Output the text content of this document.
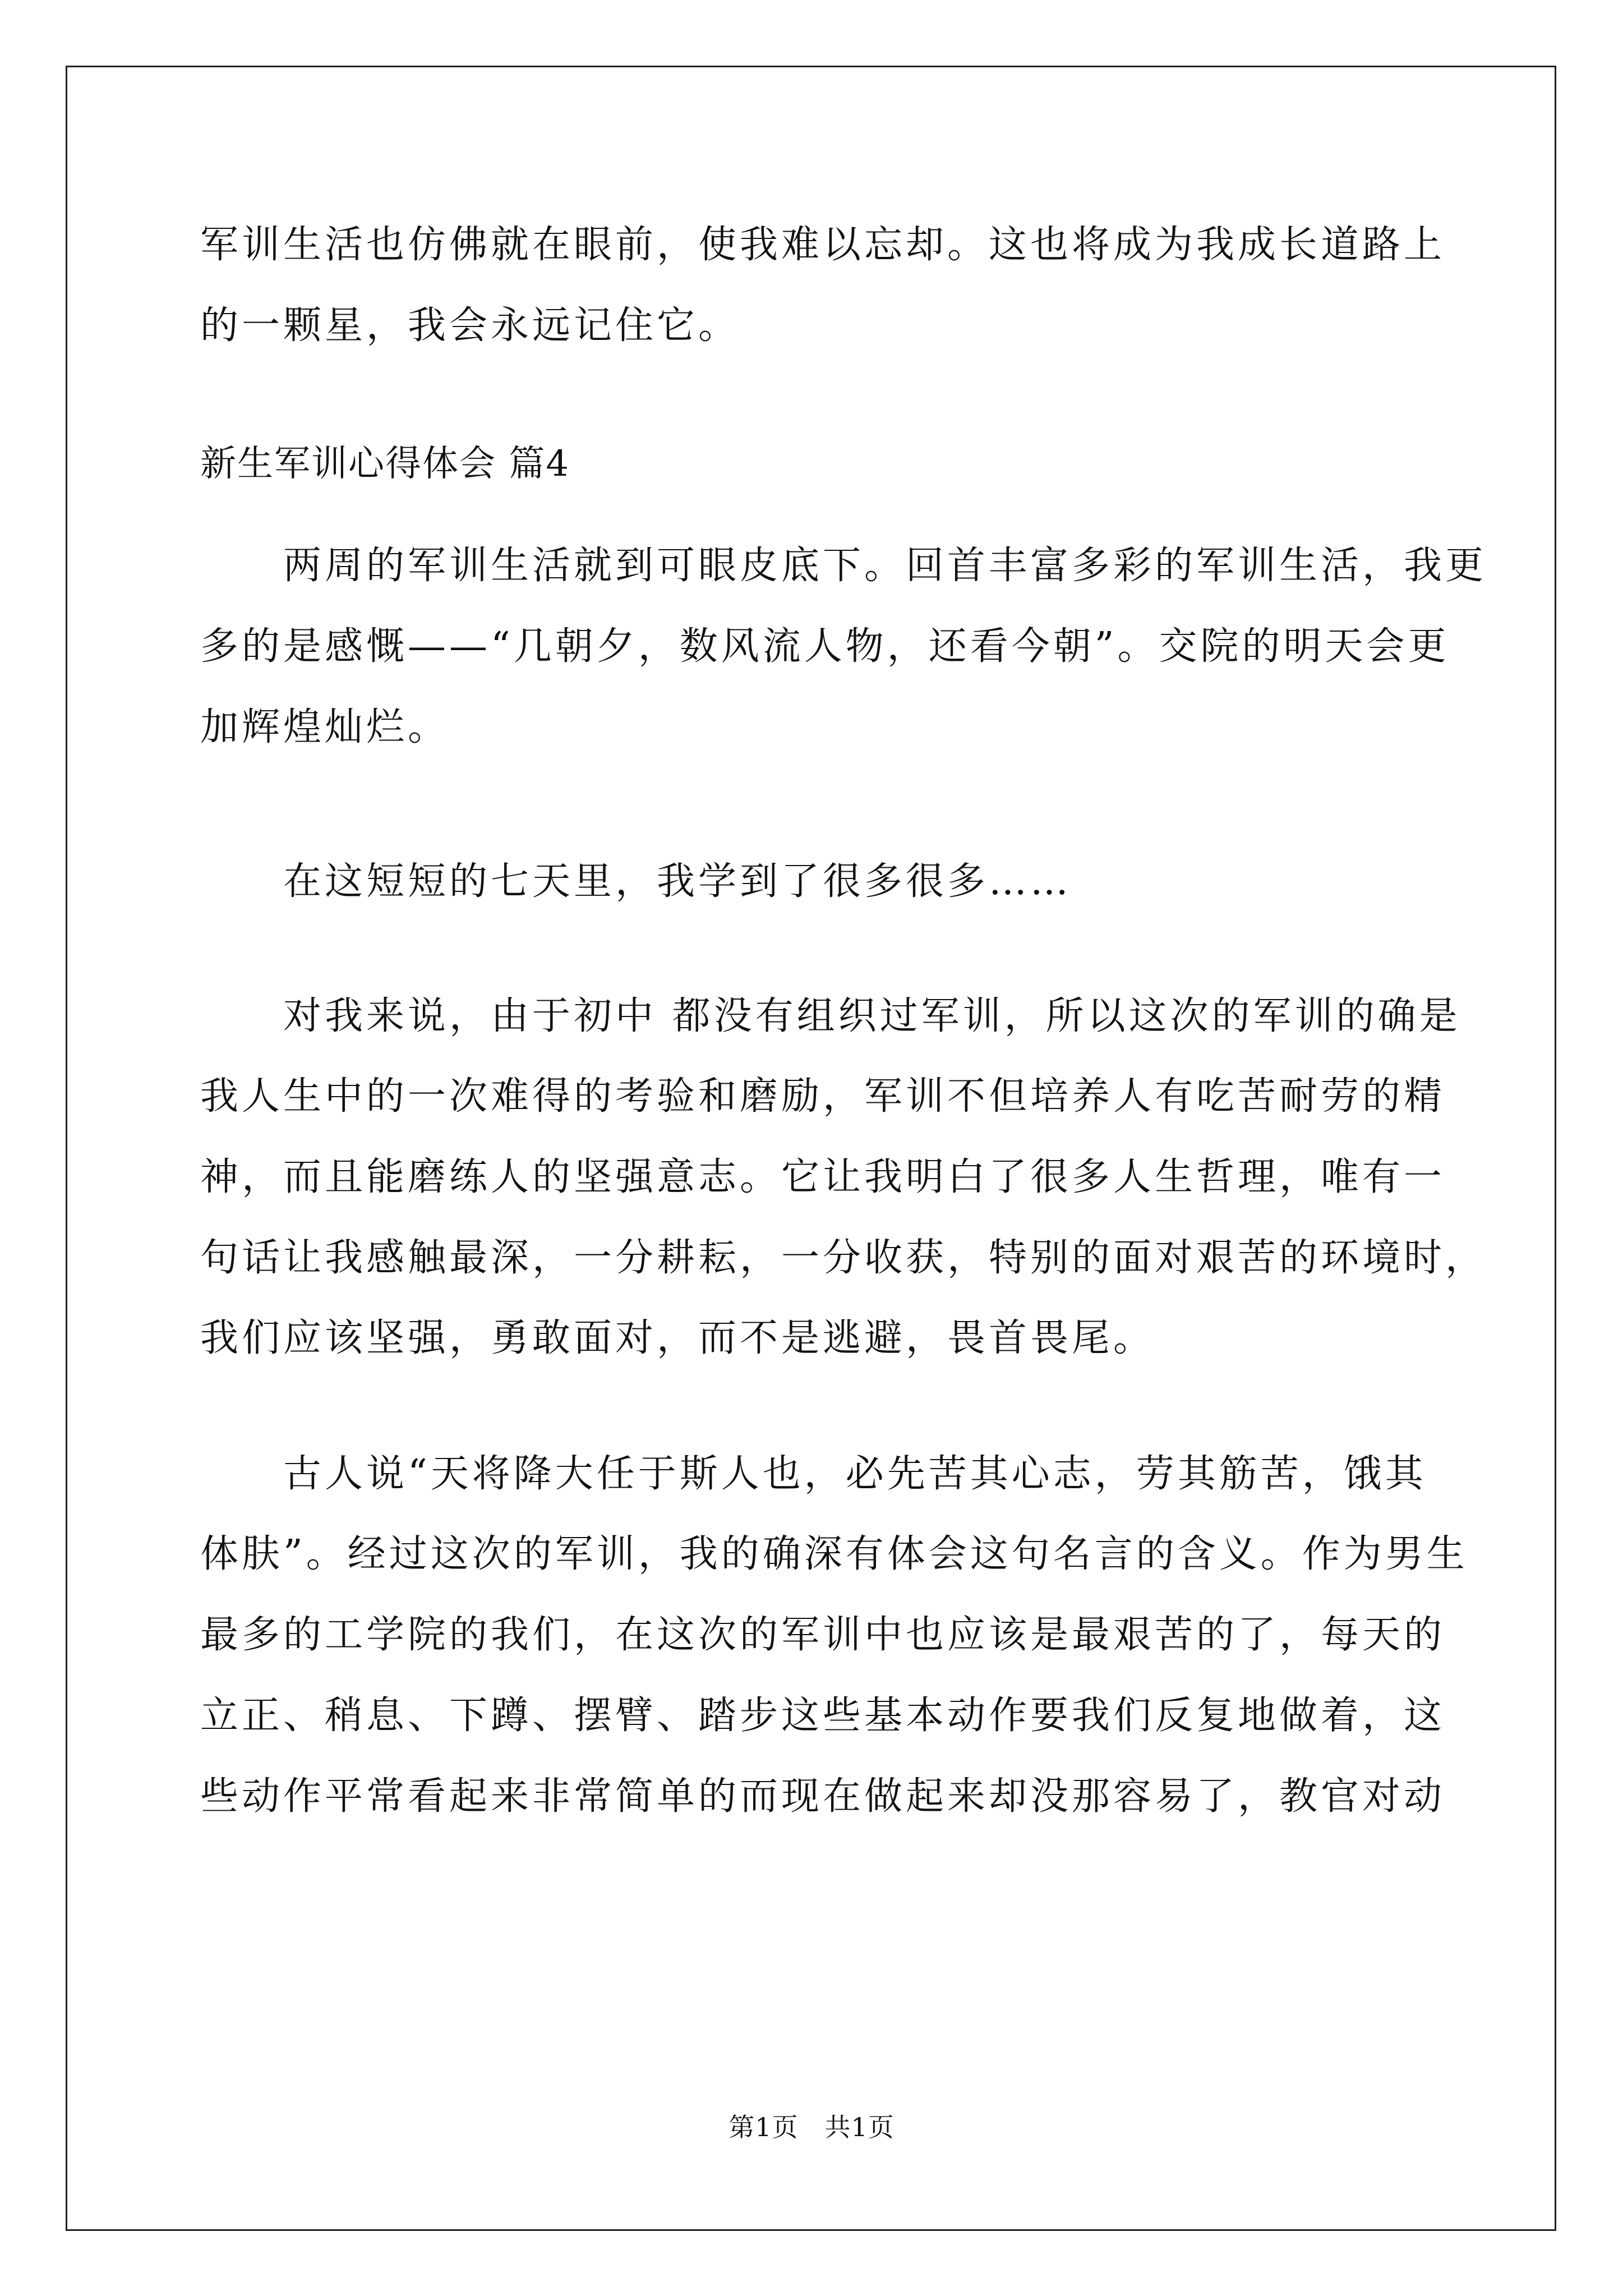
军训生活也仿佛就在眼前，使我难以忘却。这也将成为我成长道路上
的一颗星，我会永远记住它。
新生军训心得体会 篇4
两周的军训生活就到可眼皮底下。回首丰富多彩的军训生活，我更
多的是感慨——“几朝夕，数风流人物，还看今朝”。交院的明天会更
加辉煌灿烂。
在这短短的七天里，我学到了很多很多……
对我来说，由于初中 都没有组织过军训，所以这次的军训的确是
我人生中的一次难得的考验和磨励，军训不但培养人有吃苦耐劳的精
神，而且能磨练人的坚强意志。它让我明白了很多人生哲理，唯有一
句话让我感触最深，一分耕耘，一分收获，特别的面对艰苦的环境时，
我们应该坚强，勇敢面对，而不是逃避，畏首畏尾。
古人说“天将降大任于斯人也，必先苦其心志，劳其筋苦，饿其
体肤”。经过这次的军训，我的确深有体会这句名言的含义。作为男生
最多的工学院的我们，在这次的军训中也应该是最艰苦的了，每天的
立正、稍息、下蹲、摆臂、踏步这些基本动作要我们反复地做着，这
些动作平常看起来非常简单的而现在做起来却没那容易了，教官对动
第1页　共1页
